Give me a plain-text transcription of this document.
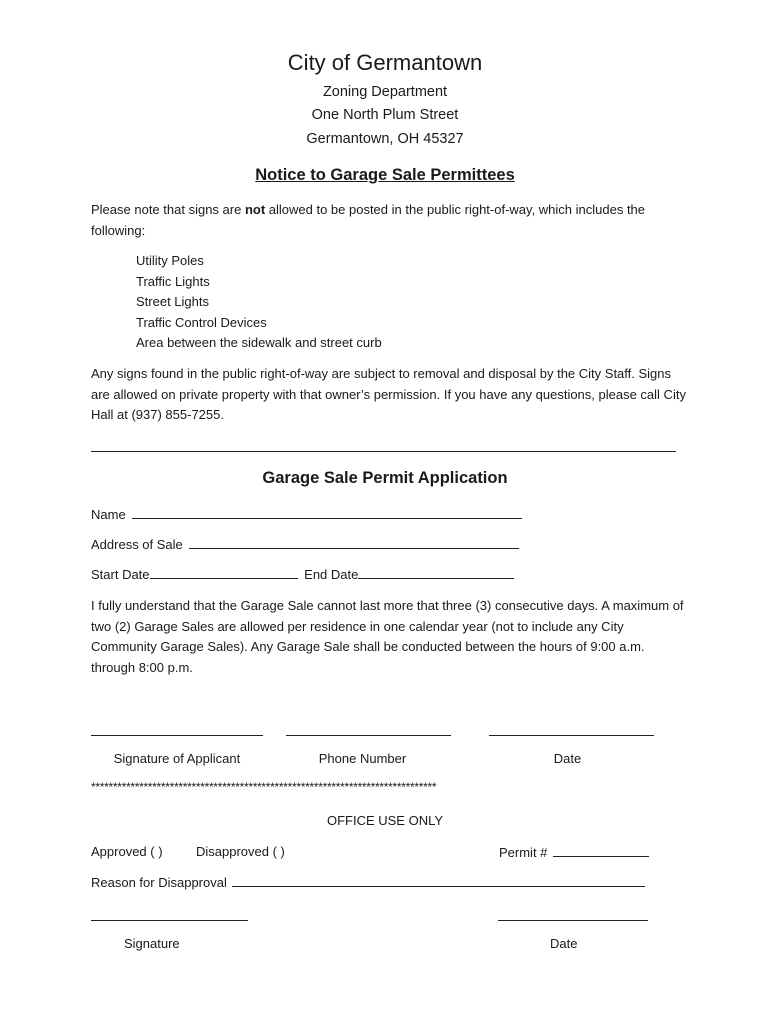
City of Germantown
Zoning Department
One North Plum Street
Germantown, OH 45327
Notice to Garage Sale Permittees
Please note that signs are not allowed to be posted in the public right-of-way, which includes the following:
Utility Poles
Traffic Lights
Street Lights
Traffic Control Devices
Area between the sidewalk and street curb
Any signs found in the public right-of-way are subject to removal and disposal by the City Staff. Signs are allowed on private property with that owner’s permission. If you have any questions, please call City Hall at (937) 855-7255.
Garage Sale Permit Application
Name
Address of Sale
Start Date	End Date
I fully understand that the Garage Sale cannot last more that three (3) consecutive days. A maximum of two (2) Garage Sales are allowed per residence in one calendar year (not to include any City Community Garage Sales). Any Garage Sale shall be conducted between the hours of 9:00 a.m. through 8:00 p.m.
Signature of Applicant	Phone Number	Date
*******************************************************************************
OFFICE USE ONLY
Approved ( )	Disapproved ( )	Permit #
Reason for Disapproval
Signature	Date
